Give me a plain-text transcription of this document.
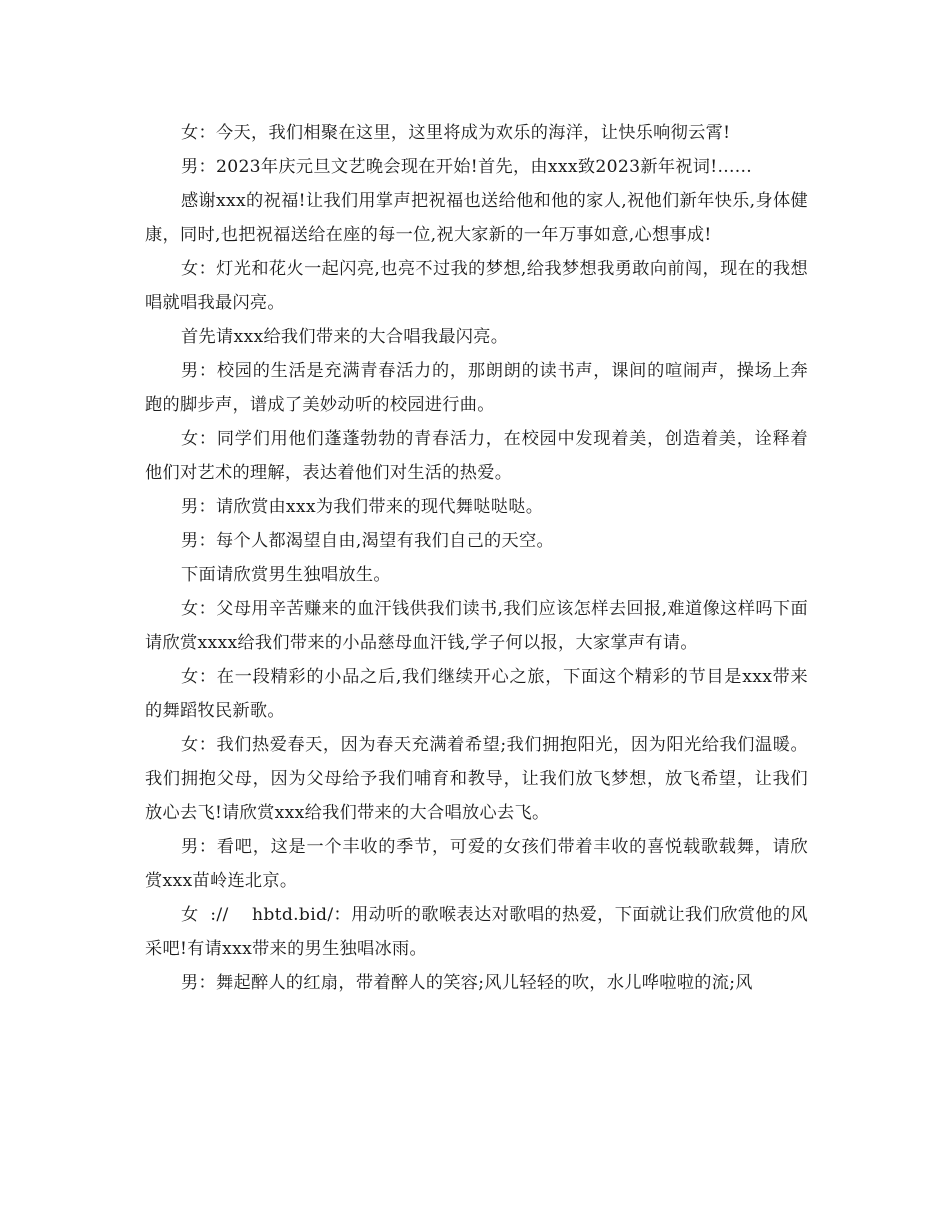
女：今天，我们相聚在这里，这里将成为欢乐的海洋，让快乐响彻云霄!

男：2023年庆元旦文艺晚会现在开始!首先，由xxx致2023新年祝词!......

感谢xxx的祝福!让我们用掌声把祝福也送给他和他的家人,祝他们新年快乐,身体健康，同时,也把祝福送给在座的每一位,祝大家新的一年万事如意,心想事成!

女：灯光和花火一起闪亮,也亮不过我的梦想,给我梦想我勇敢向前闯，现在的我想唱就唱我最闪亮。

首先请xxx给我们带来的大合唱我最闪亮。

男：校园的生活是充满青春活力的，那朗朗的读书声，课间的喧闹声，操场上奔跑的脚步声，谱成了美妙动听的校园进行曲。

女：同学们用他们蓬蓬勃勃的青春活力，在校园中发现着美，创造着美，诠释着他们对艺术的理解，表达着他们对生活的热爱。

男：请欣赏由xxx为我们带来的现代舞哒哒哒。

男：每个人都渴望自由,渴望有我们自己的天空。

下面请欣赏男生独唱放生。

女：父母用辛苦赚来的血汗钱供我们读书,我们应该怎样去回报,难道像这样吗下面请欣赏xxxx给我们带来的小品慈母血汗钱,学子何以报，大家掌声有请。

女：在一段精彩的小品之后,我们继续开心之旅，下面这个精彩的节目是xxx带来的舞蹈牧民新歌。

女：我们热爱春天，因为春天充满着希望;我们拥抱阳光，因为阳光给我们温暖。我们拥抱父母，因为父母给予我们哺育和教导，让我们放飞梦想，放飞希望，让我们放心去飞!请欣赏xxx给我们带来的大合唱放心去飞。

男：看吧，这是一个丰收的季节，可爱的女孩们带着丰收的喜悦载歌载舞，请欣赏xxx苗岭连北京。

女  ://    hbtd.bid/：用动听的歌喉表达对歌唱的热爱，下面就让我们欣赏他的风采吧!有请xxx带来的男生独唱冰雨。

男：舞起醉人的红扇，带着醉人的笑容;风儿轻轻的吹，水儿哗啦啦的流;风
